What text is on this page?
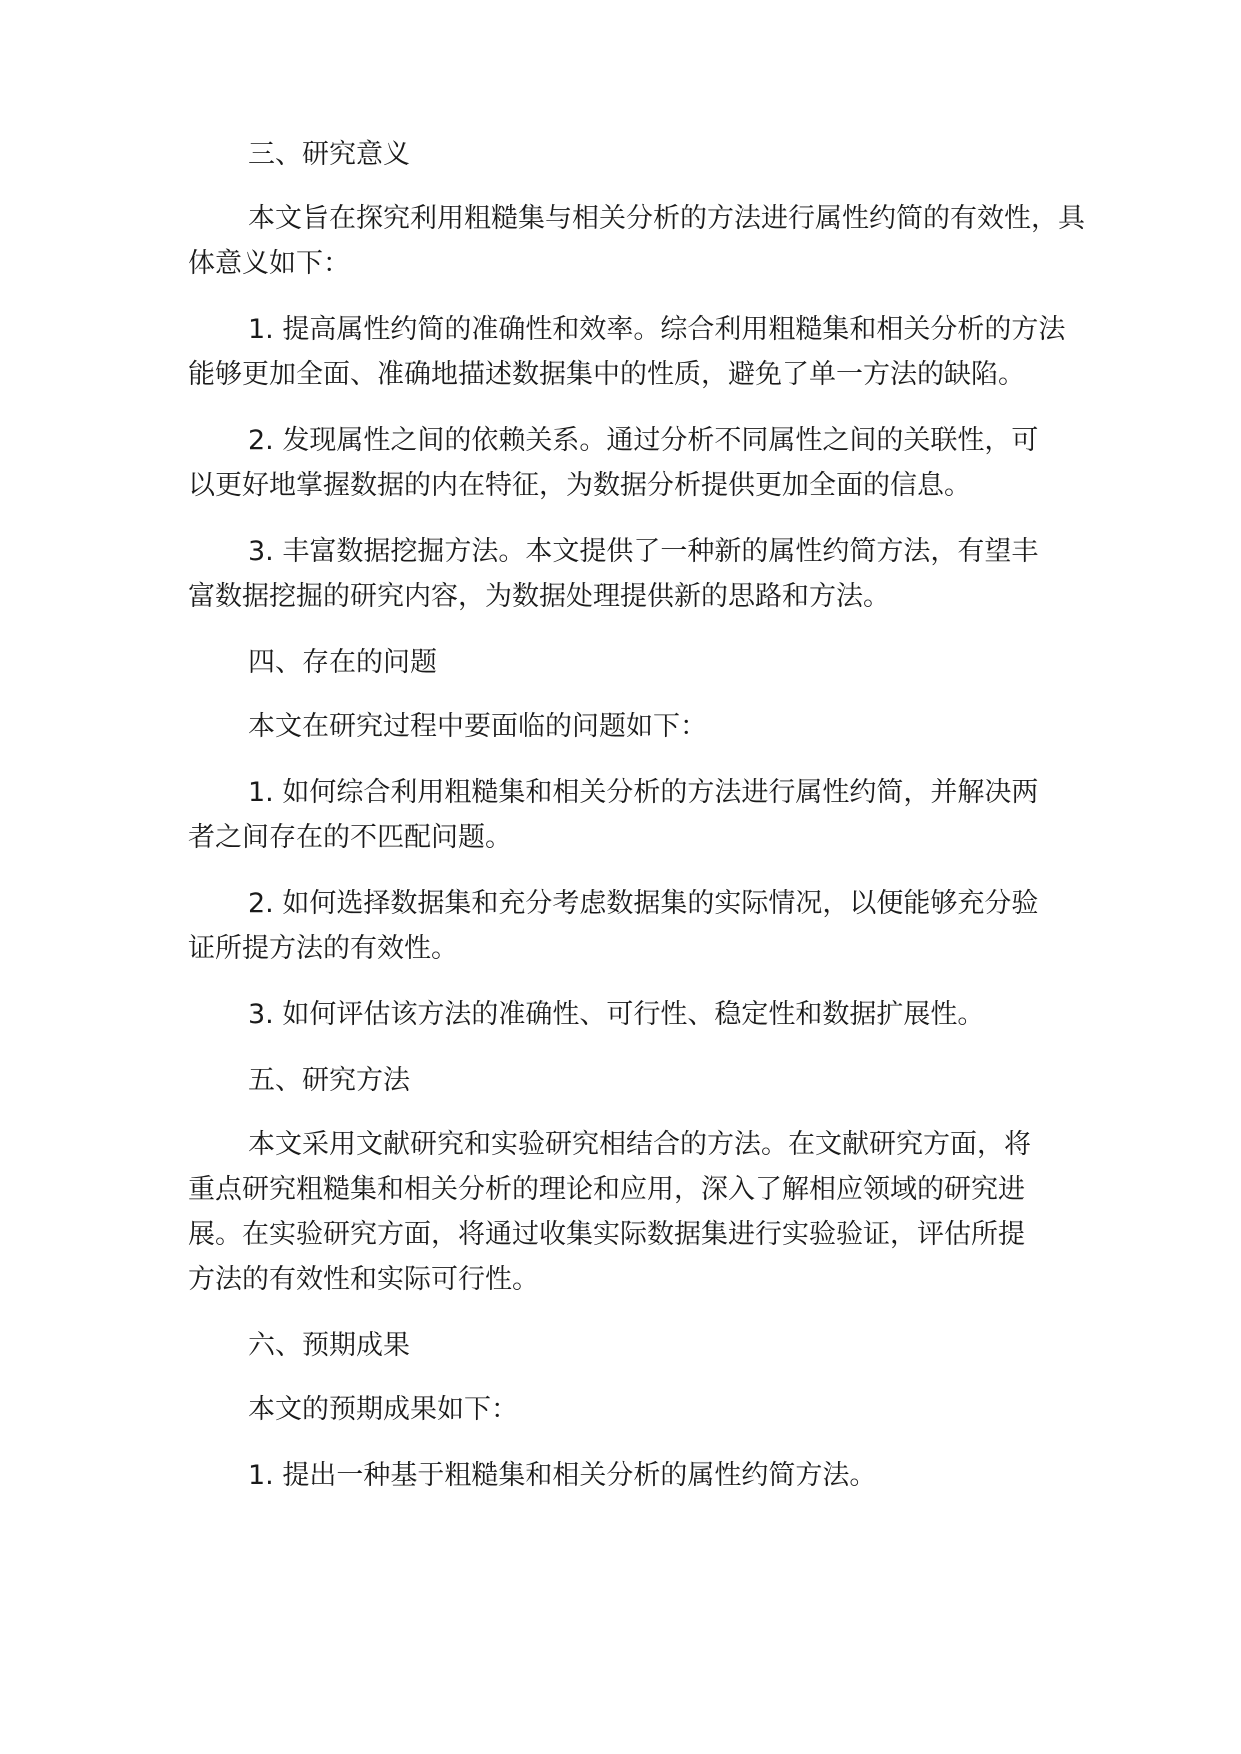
三、研究意义

本文旨在探究利用粗糙集与相关分析的方法进行属性约简的有效性，具体意义如下：

1. 提高属性约简的准确性和效率。综合利用粗糙集和相关分析的方法能够更加全面、准确地描述数据集中的性质，避免了单一方法的缺陷。

2. 发现属性之间的依赖关系。通过分析不同属性之间的关联性，可以更好地掌握数据的内在特征，为数据分析提供更加全面的信息。

3. 丰富数据挖掘方法。本文提供了一种新的属性约简方法，有望丰富数据挖掘的研究内容，为数据处理提供新的思路和方法。

四、存在的问题

本文在研究过程中要面临的问题如下：

1. 如何综合利用粗糙集和相关分析的方法进行属性约简，并解决两者之间存在的不匹配问题。

2. 如何选择数据集和充分考虑数据集的实际情况，以便能够充分验证所提方法的有效性。

3. 如何评估该方法的准确性、可行性、稳定性和数据扩展性。

五、研究方法

本文采用文献研究和实验研究相结合的方法。在文献研究方面，将重点研究粗糙集和相关分析的理论和应用，深入了解相应领域的研究进展。在实验研究方面，将通过收集实际数据集进行实验验证，评估所提方法的有效性和实际可行性。

六、预期成果

本文的预期成果如下：

1. 提出一种基于粗糙集和相关分析的属性约简方法。
